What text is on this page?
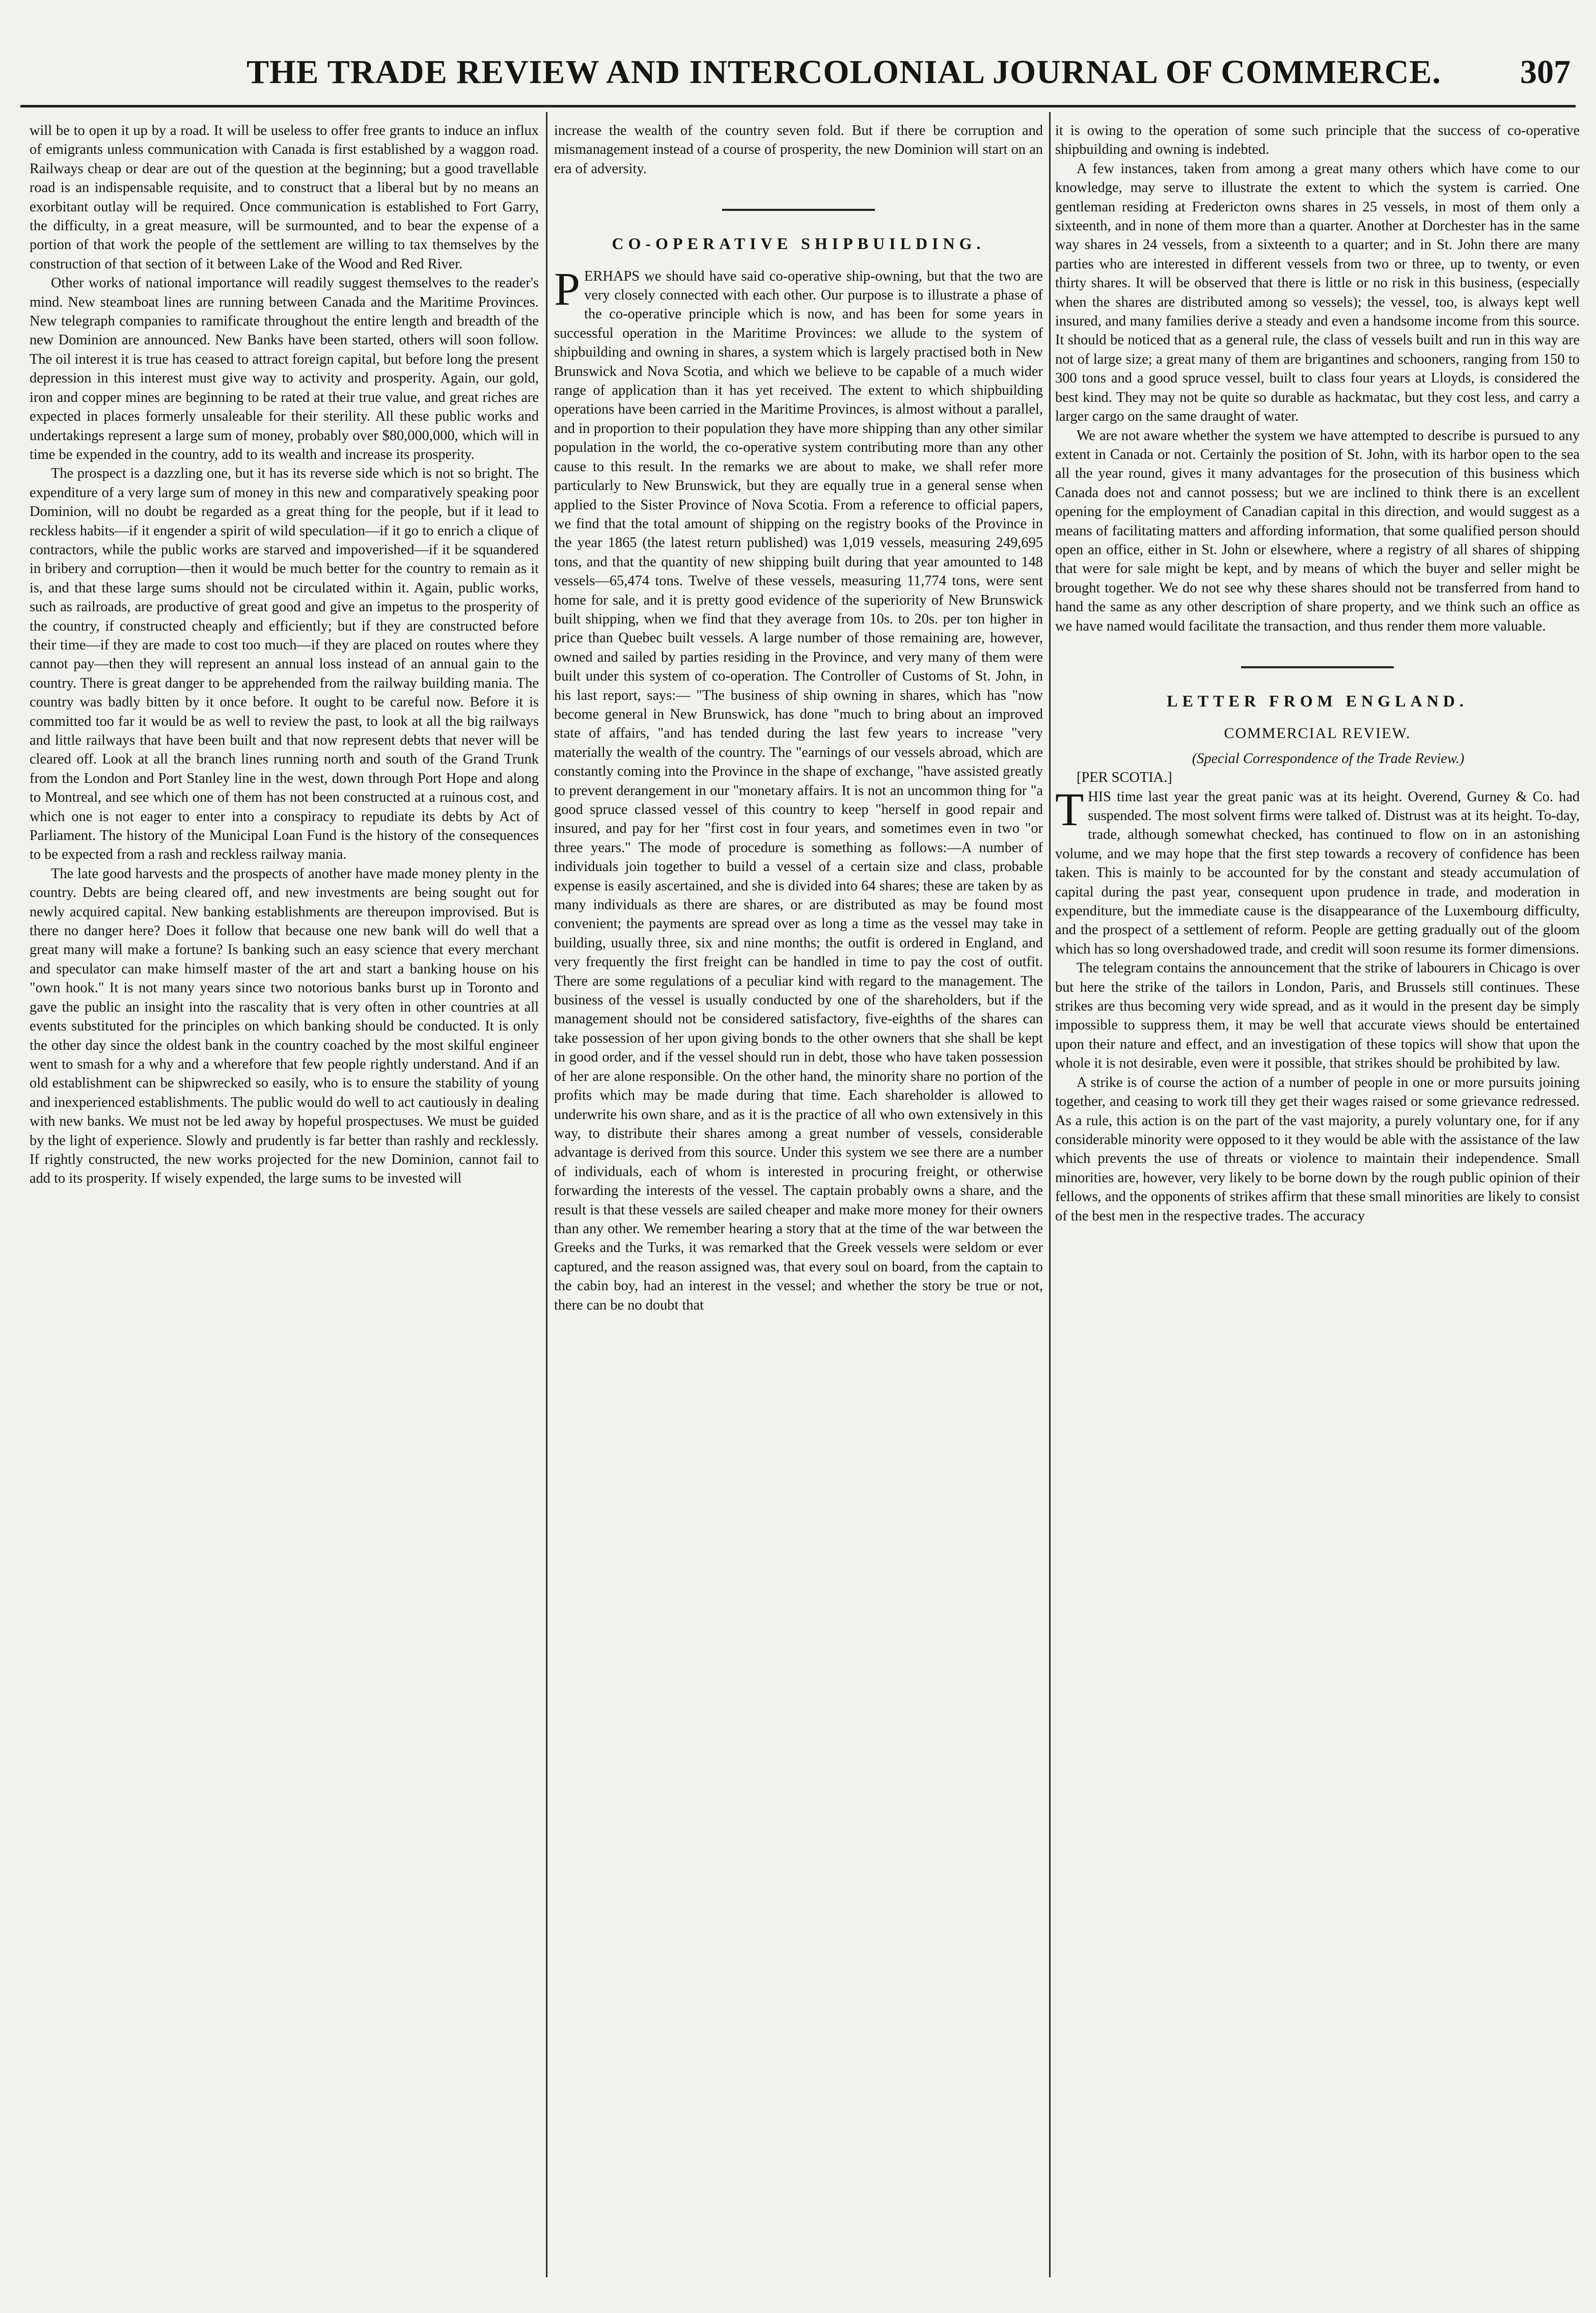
THE TRADE REVIEW AND INTERCOLONIAL JOURNAL OF COMMERCE.	307

will be to open it up by a road. It will be useless to offer free grants to induce an influx of emigrants unless communication with Canada is first established by a waggon road. Railways cheap or dear are out of the question at the beginning; but a good travellable road is an indispensable requisite, and to construct that a liberal but by no means an exorbitant outlay will be required. Once communication is established to Fort Garry, the difficulty, in a great measure, will be surmounted, and to bear the expense of a portion of that work the people of the settlement are willing to tax themselves by the construction of that section of it between Lake of the Wood and Red River.

Other works of national importance will readily suggest themselves to the reader's mind. New steamboat lines are running between Canada and the Maritime Provinces. New telegraph companies to ramificate throughout the entire length and breadth of the new Dominion are announced. New Banks have been started, others will soon follow. The oil interest it is true has ceased to attract foreign capital, but before long the present depression in this interest must give way to activity and prosperity. Again, our gold, iron and copper mines are beginning to be rated at their true value, and great riches are expected in places formerly unsaleable for their sterility. All these public works and undertakings represent a large sum of money, probably over $80,000,000, which will in time be expended in the country, add to its wealth and increase its prosperity.

The prospect is a dazzling one, but it has its reverse side which is not so bright. The expenditure of a very large sum of money in this new and comparatively speaking poor Dominion, will no doubt be regarded as a great thing for the people, but if it lead to reckless habits—if it engender a spirit of wild speculation—if it go to enrich a clique of contractors, while the public works are starved and impoverished—if it be squandered in bribery and corruption—then it would be much better for the country to remain as it is, and that these large sums should not be circulated within it. Again, public works, such as railroads, are productive of great good and give an impetus to the prosperity of the country, if constructed cheaply and efficiently; but if they are constructed before their time—if they are made to cost too much—if they are placed on routes where they cannot pay—then they will represent an annual loss instead of an annual gain to the country. There is great danger to be apprehended from the railway building mania. The country was badly bitten by it once before. It ought to be careful now. Before it is committed too far it would be as well to review the past, to look at all the big railways and little railways that have been built and that now represent debts that never will be cleared off. Look at all the branch lines running north and south of the Grand Trunk from the London and Port Stanley line in the west, down through Port Hope and along to Montreal, and see which one of them has not been constructed at a ruinous cost, and which one is not eager to enter into a conspiracy to repudiate its debts by Act of Parliament. The history of the Municipal Loan Fund is the history of the consequences to be expected from a rash and reckless railway mania.

The late good harvests and the prospects of another have made money plenty in the country. Debts are being cleared off, and new investments are being sought out for newly acquired capital. New banking establishments are thereupon improvised. But is there no danger here? Does it follow that because one new bank will do well that a great many will make a fortune? Is banking such an easy science that every merchant and speculator can make himself master of the art and start a banking house on his "own hook." It is not many years since two notorious banks burst up in Toronto and gave the public an insight into the rascality that is very often in other countries at all events substituted for the principles on which banking should be conducted. It is only the other day since the oldest bank in the country coached by the most skilful engineer went to smash for a why and a wherefore that few people rightly understand. And if an old establishment can be shipwrecked so easily, who is to ensure the stability of young and inexperienced establishments. The public would do well to act cautiously in dealing with new banks. We must not be led away by hopeful prospectuses. We must be guided by the light of experience. Slowly and prudently is far better than rashly and recklessly. If rightly constructed, the new works projected for the new Dominion, cannot fail to add to its prosperity. If wisely expended, the large sums to be invested will

increase the wealth of the country seven fold. But if there be corruption and mismanagement instead of a course of prosperity, the new Dominion will start on an era of adversity.

CO-OPERATIVE SHIPBUILDING.

PERHAPS we should have said co-operative ship-owning, but that the two are very closely connected with each other. Our purpose is to illustrate a phase of the co-operative principle which is now, and has been for some years in successful operation in the Maritime Provinces: we allude to the system of shipbuilding and owning in shares, a system which is largely practised both in New Brunswick and Nova Scotia, and which we believe to be capable of a much wider range of application than it has yet received. The extent to which shipbuilding operations have been carried in the Maritime Provinces, is almost without a parallel, and in proportion to their population they have more shipping than any other similar population in the world, the co-operative system contributing more than any other cause to this result. In the remarks we are about to make, we shall refer more particularly to New Brunswick, but they are equally true in a general sense when applied to the Sister Province of Nova Scotia. From a reference to official papers, we find that the total amount of shipping on the registry books of the Province in the year 1865 (the latest return published) was 1,019 vessels, measuring 249,695 tons, and that the quantity of new shipping built during that year amounted to 148 vessels—65,474 tons. Twelve of these vessels, measuring 11,774 tons, were sent home for sale, and it is pretty good evidence of the superiority of New Brunswick built shipping, when we find that they average from 10s. to 20s. per ton higher in price than Quebec built vessels. A large number of those remaining are, however, owned and sailed by parties residing in the Province, and very many of them were built under this system of co-operation. The Controller of Customs of St. John, in his last report, says:— "The business of ship owning in shares, which has "now become general in New Brunswick, has done "much to bring about an improved state of affairs, "and has tended during the last few years to increase "very materially the wealth of the country. The "earnings of our vessels abroad, which are constantly coming into the Province in the shape of exchange, "have assisted greatly to prevent derangement in our "monetary affairs. It is not an uncommon thing for "a good spruce classed vessel of this country to keep "herself in good repair and insured, and pay for her "first cost in four years, and sometimes even in two "or three years." The mode of procedure is something as follows:—A number of individuals join together to build a vessel of a certain size and class, probable expense is easily ascertained, and she is divided into 64 shares; these are taken by as many individuals as there are shares, or are distributed as may be found most convenient; the payments are spread over as long a time as the vessel may take in building, usually three, six and nine months; the outfit is ordered in England, and very frequently the first freight can be handled in time to pay the cost of outfit. There are some regulations of a peculiar kind with regard to the management. The business of the vessel is usually conducted by one of the shareholders, but if the management should not be considered satisfactory, five-eighths of the shares can take possession of her upon giving bonds to the other owners that she shall be kept in good order, and if the vessel should run in debt, those who have taken possession of her are alone responsible. On the other hand, the minority share no portion of the profits which may be made during that time. Each shareholder is allowed to underwrite his own share, and as it is the practice of all who own extensively in this way, to distribute their shares among a great number of vessels, considerable advantage is derived from this source. Under this system we see there are a number of individuals, each of whom is interested in procuring freight, or otherwise forwarding the interests of the vessel. The captain probably owns a share, and the result is that these vessels are sailed cheaper and make more money for their owners than any other. We remember hearing a story that at the time of the war between the Greeks and the Turks, it was remarked that the Greek vessels were seldom or ever captured, and the reason assigned was, that every soul on board, from the captain to the cabin boy, had an interest in the vessel; and whether the story be true or not, there can be no doubt that

it is owing to the operation of some such principle that the success of co-operative shipbuilding and owning is indebted.

A few instances, taken from among a great many others which have come to our knowledge, may serve to illustrate the extent to which the system is carried. One gentleman residing at Fredericton owns shares in 25 vessels, in most of them only a sixteenth, and in none of them more than a quarter. Another at Dorchester has in the same way shares in 24 vessels, from a sixteenth to a quarter; and in St. John there are many parties who are interested in different vessels from two or three, up to twenty, or even thirty shares. It will be observed that there is little or no risk in this business, (especially when the shares are distributed among so vessels); the vessel, too, is always kept well insured, and many families derive a steady and even a handsome income from this source. It should be noticed that as a general rule, the class of vessels built and run in this way are not of large size; a great many of them are brigantines and schooners, ranging from 150 to 300 tons and a good spruce vessel, built to class four years at Lloyds, is considered the best kind. They may not be quite so durable as hackmatac, but they cost less, and carry a larger cargo on the same draught of water.

We are not aware whether the system we have attempted to describe is pursued to any extent in Canada or not. Certainly the position of St. John, with its harbor open to the sea all the year round, gives it many advantages for the prosecution of this business which Canada does not and cannot possess; but we are inclined to think there is an excellent opening for the employment of Canadian capital in this direction, and would suggest as a means of facilitating matters and affording information, that some qualified person should open an office, either in St. John or elsewhere, where a registry of all shares of shipping that were for sale might be kept, and by means of which the buyer and seller might be brought together. We do not see why these shares should not be transferred from hand to hand the same as any other description of share property, and we think such an office as we have named would facilitate the transaction, and thus render them more valuable.

LETTER FROM ENGLAND.
COMMERCIAL REVIEW.

(Special Correspondence of the Trade Review.)

[PER SCOTIA.]

THIS time last year the great panic was at its height. Overend, Gurney & Co. had suspended. The most solvent firms were talked of. Distrust was at its height. To-day, trade, although somewhat checked, has continued to flow on in an astonishing volume, and we may hope that the first step towards a recovery of confidence has been taken. This is mainly to be accounted for by the constant and steady accumulation of capital during the past year, consequent upon prudence in trade, and moderation in expenditure, but the immediate cause is the disappearance of the Luxembourg difficulty, and the prospect of a settlement of reform. People are getting gradually out of the gloom which has so long overshadowed trade, and credit will soon resume its former dimensions.

The telegram contains the announcement that the strike of labourers in Chicago is over but here the strike of the tailors in London, Paris, and Brussels still continues. These strikes are thus becoming very wide spread, and as it would in the present day be simply impossible to suppress them, it may be well that accurate views should be entertained upon their nature and effect, and an investigation of these topics will show that upon the whole it is not desirable, even were it possible, that strikes should be prohibited by law.

A strike is of course the action of a number of people in one or more pursuits joining together, and ceasing to work till they get their wages raised or some grievance redressed. As a rule, this action is on the part of the vast majority, a purely voluntary one, for if any considerable minority were opposed to it they would be able with the assistance of the law which prevents the use of threats or violence to maintain their independence. Small minorities are, however, very likely to be borne down by the rough public opinion of their fellows, and the opponents of strikes affirm that these small minorities are likely to consist of the best men in the respective trades. The accuracy
